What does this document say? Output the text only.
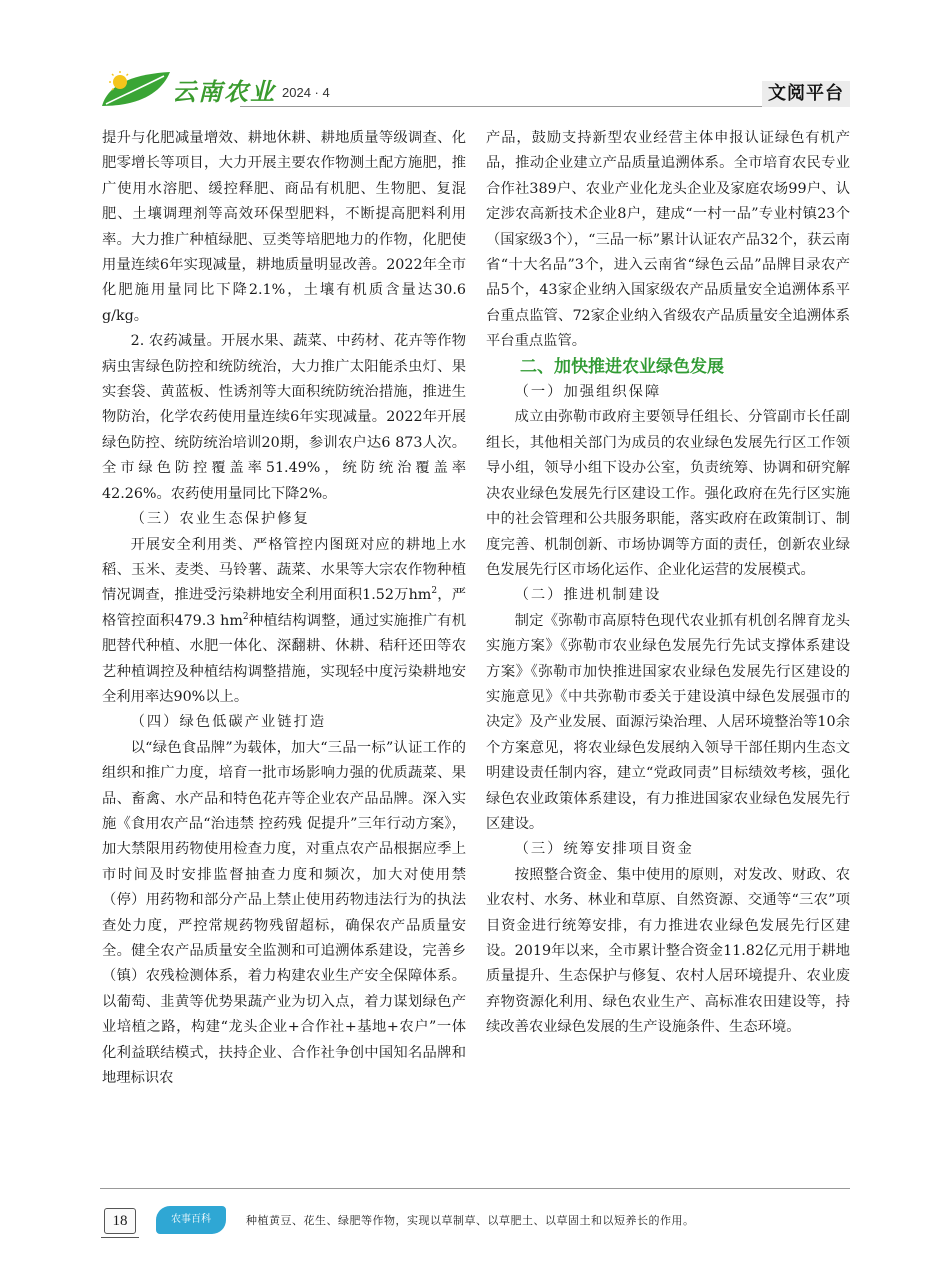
云南农业 2024 · 4	文阅平台

提升与化肥减量增效、耕地休耕、耕地质量等级调查、化肥零增长等项目，大力开展主要农作物测土配方施肥，推广使用水溶肥、缓控释肥、商品有机肥、生物肥、复混肥、土壤调理剂等高效环保型肥料，不断提高肥料利用率。大力推广种植绿肥、豆类等培肥地力的作物，化肥使用量连续6年实现减量，耕地质量明显改善。2022年全市化肥施用量同比下降2.1%，土壤有机质含量达30.6 g/kg。

2. 农药减量。开展水果、蔬菜、中药材、花卉等作物病虫害绿色防控和统防统治，大力推广太阳能杀虫灯、果实套袋、黄蓝板、性诱剂等大面积统防统治措施，推进生物防治，化学农药使用量连续6年实现减量。2022年开展绿色防控、统防统治培训20期，参训农户达6 873人次。全市绿色防控覆盖率51.49%，统防统治覆盖率42.26%。农药使用量同比下降2%。

（三）农业生态保护修复

开展安全利用类、严格管控内图斑对应的耕地上水稻、玉米、麦类、马铃薯、蔬菜、水果等大宗农作物种植情况调查，推进受污染耕地安全利用面积1.52万$hm^2$，严格管控面积479.3 $hm^2$种植结构调整，通过实施推广有机肥替代种植、水肥一体化、深翻耕、休耕、秸秆还田等农艺种植调控及种植结构调整措施，实现轻中度污染耕地安全利用率达90%以上。

（四）绿色低碳产业链打造

以“绿色食品牌”为载体，加大“三品一标”认证工作的组织和推广力度，培育一批市场影响力强的优质蔬菜、果品、畜禽、水产品和特色花卉等企业农产品品牌。深入实施《食用农产品“治违禁 控药残 促提升”三年行动方案》，加大禁限用药物使用检查力度，对重点农产品根据应季上市时间及时安排监督抽查力度和频次，加大对使用禁（停）用药物和部分产品上禁止使用药物违法行为的执法查处力度，严控常规药物残留超标，确保农产品质量安全。健全农产品质量安全监测和可追溯体系建设，完善乡（镇）农残检测体系，着力构建农业生产安全保障体系。以葡萄、韭黄等优势果蔬产业为切入点，着力谋划绿色产业培植之路，构建“龙头企业+合作社+基地+农户”一体化利益联结模式，扶持企业、合作社争创中国知名品牌和地理标识农

产品，鼓励支持新型农业经营主体申报认证绿色有机产品，推动企业建立产品质量追溯体系。全市培育农民专业合作社389户、农业产业化龙头企业及家庭农场99户、认定涉农高新技术企业8户，建成“一村一品”专业村镇23个（国家级3个），“三品一标”累计认证农产品32个，获云南省“十大名品”3个，进入云南省“绿色云品”品牌目录农产品5个，43家企业纳入国家级农产品质量安全追溯体系平台重点监管、72家企业纳入省级农产品质量安全追溯体系平台重点监管。

二、加快推进农业绿色发展
（一）加强组织保障

成立由弥勒市政府主要领导任组长、分管副市长任副组长，其他相关部门为成员的农业绿色发展先行区工作领导小组，领导小组下设办公室，负责统筹、协调和研究解决农业绿色发展先行区建设工作。强化政府在先行区实施中的社会管理和公共服务职能，落实政府在政策制订、制度完善、机制创新、市场协调等方面的责任，创新农业绿色发展先行区市场化运作、企业化运营的发展模式。

（二）推进机制建设

制定《弥勒市高原特色现代农业抓有机创名牌育龙头实施方案》《弥勒市农业绿色发展先行先试支撑体系建设方案》《弥勒市加快推进国家农业绿色发展先行区建设的实施意见》《中共弥勒市委关于建设滇中绿色发展强市的决定》及产业发展、面源污染治理、人居环境整治等10余个方案意见，将农业绿色发展纳入领导干部任期内生态文明建设责任制内容，建立“党政同责”目标绩效考核，强化绿色农业政策体系建设，有力推进国家农业绿色发展先行区建设。

（三）统筹安排项目资金

按照整合资金、集中使用的原则，对发改、财政、农业农村、水务、林业和草原、自然资源、交通等“三农”项目资金进行统筹安排，有力推进农业绿色发展先行区建设。2019年以来，全市累计整合资金11.82亿元用于耕地质量提升、生态保护与修复、农村人居环境提升、农业废弃物资源化利用、绿色农业生产、高标准农田建设等，持续改善农业绿色发展的生产设施条件、生态环境。

18	农事百科	种植黄豆、花生、绿肥等作物，实现以草制草、以草肥土、以草固土和以短养长的作用。
